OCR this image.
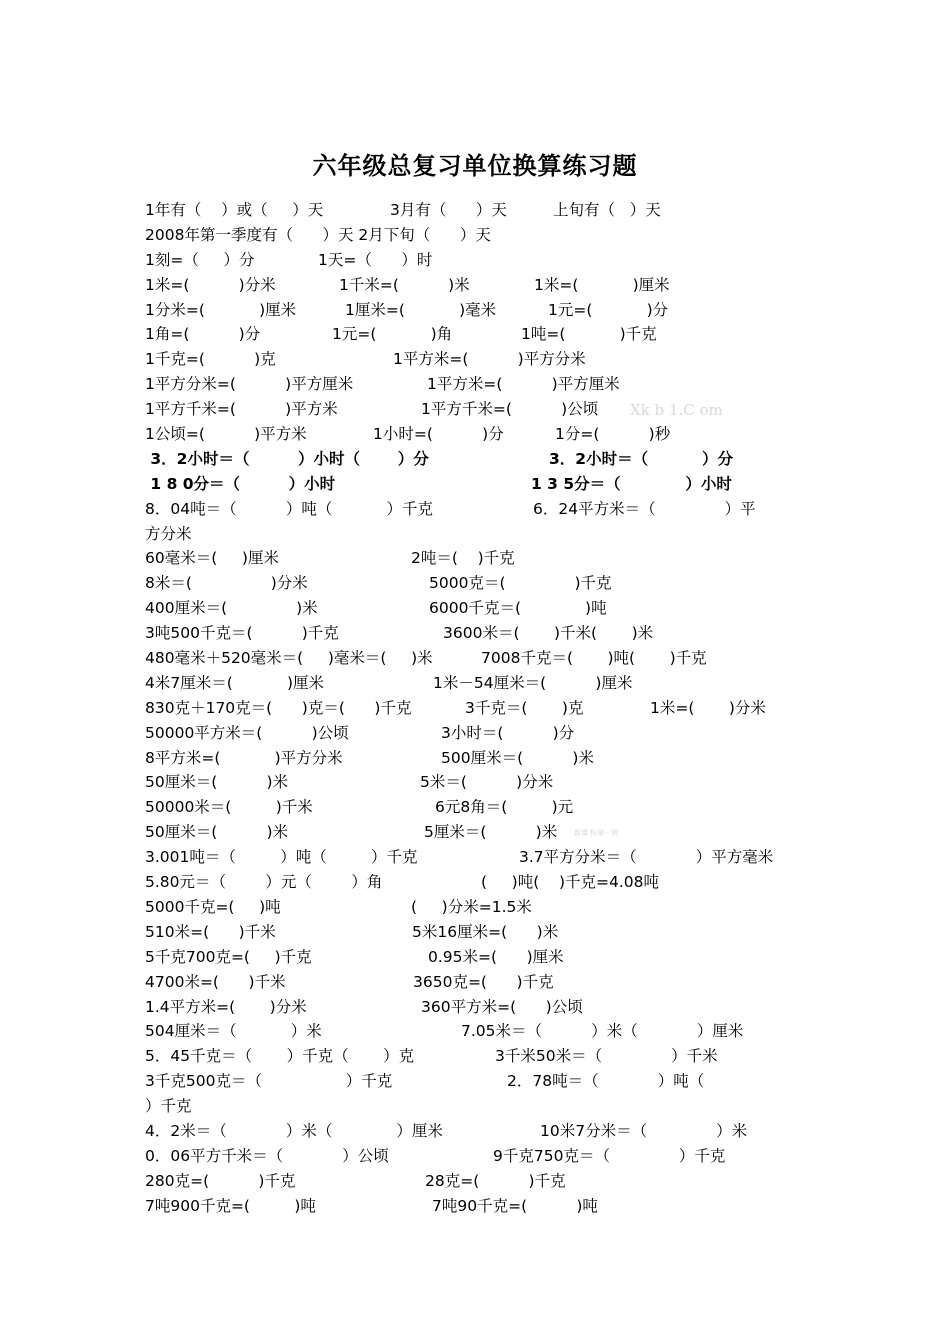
六年级总复习单位换算练习题
1年有（    ）或（     ）天	3月有（      ）天	上旬有（   ）天
2008年第一季度有（      ）天 2月下旬（      ）天
1刻=（     ）分	1天=（      ）时
1米=(          )分米	1千米=(          )米	1米=(           )厘米
1分米=(           )厘米	1厘米=(           )毫米	1元=(           )分
1角=(          )分	1元=(           )角	1吨=(           )千克
1千克=(          )克	1平方米=(          )平方分米
1平方分米=(          )平方厘米	1平方米=(          )平方厘米
1平方千米=(          )平方米	1平方千米=(          )公顷
1公顷=(          )平方米	1小时=(          )分	1分=(          )秒
3．2小时＝（         ）小时（       ）分	3．2小时＝（          ）分
1 8 0分＝（         ）小时	1 3 5分＝（            ）小时
8．04吨＝（          ）吨（           ）千克	6．24平方米＝（              ）平
方分米
60毫米＝(     )厘米	2吨＝(    )千克
8米＝(                )分米	5000克＝(              )千克
400厘米＝(              )米	6000千克＝(             )吨
3吨500千克＝(          )千克	3600米＝(       )千米(       )米
480毫米＋520毫米＝(     )毫米＝(     )米	7008千克＝(       )吨(       )千克
4米7厘米＝(           )厘米	1米－54厘米＝(          )厘米
830克＋170克＝(      )克＝(      )千克	3千克＝(       )克	1米=(       )分米
50000平方米＝(          )公顷	3小时＝(          )分
8平方米=(           )平方分米	500厘米＝(          )米
50厘米＝(          )米	5米＝(          )分米
50000米＝(         )千米	6元8角＝(         )元
50厘米＝(          )米	5厘米＝(          )米
3.001吨＝（         ）吨（         ）千克	3.7平方分米＝（            ）平方毫米
5.80元＝（        ）元（        ）角	(     )吨(    )千克=4.08吨
5000千克=(     )吨	(     )分米=1.5米
510米=(      )千米	5米16厘米=(      )米
5千克700克=(     )千克	0.95米=(      )厘米
4700米=(      )千米	3650克=(      )千克
1.4平方米=(       )分米	360平方米=(      )公顷
504厘米＝（           ）米	7.05米＝（          ）米（            ）厘米
5．45千克＝（       ）千克（       ）克	3千米50米＝（              ）千米
3千克500克＝（                 ）千克	2．78吨＝（            ）吨（
）千克
4．2米＝（            ）米（             ）厘米	10米7分米＝（              ）米
0．06平方千米＝（            ）公顷	9千克750克＝（              ）千克
280克=(          )千克	28克=(          )千克
7吨900千克=(         )吨	7吨90千克=(          )吨
Xk b 1.C om
新课 标第一网
